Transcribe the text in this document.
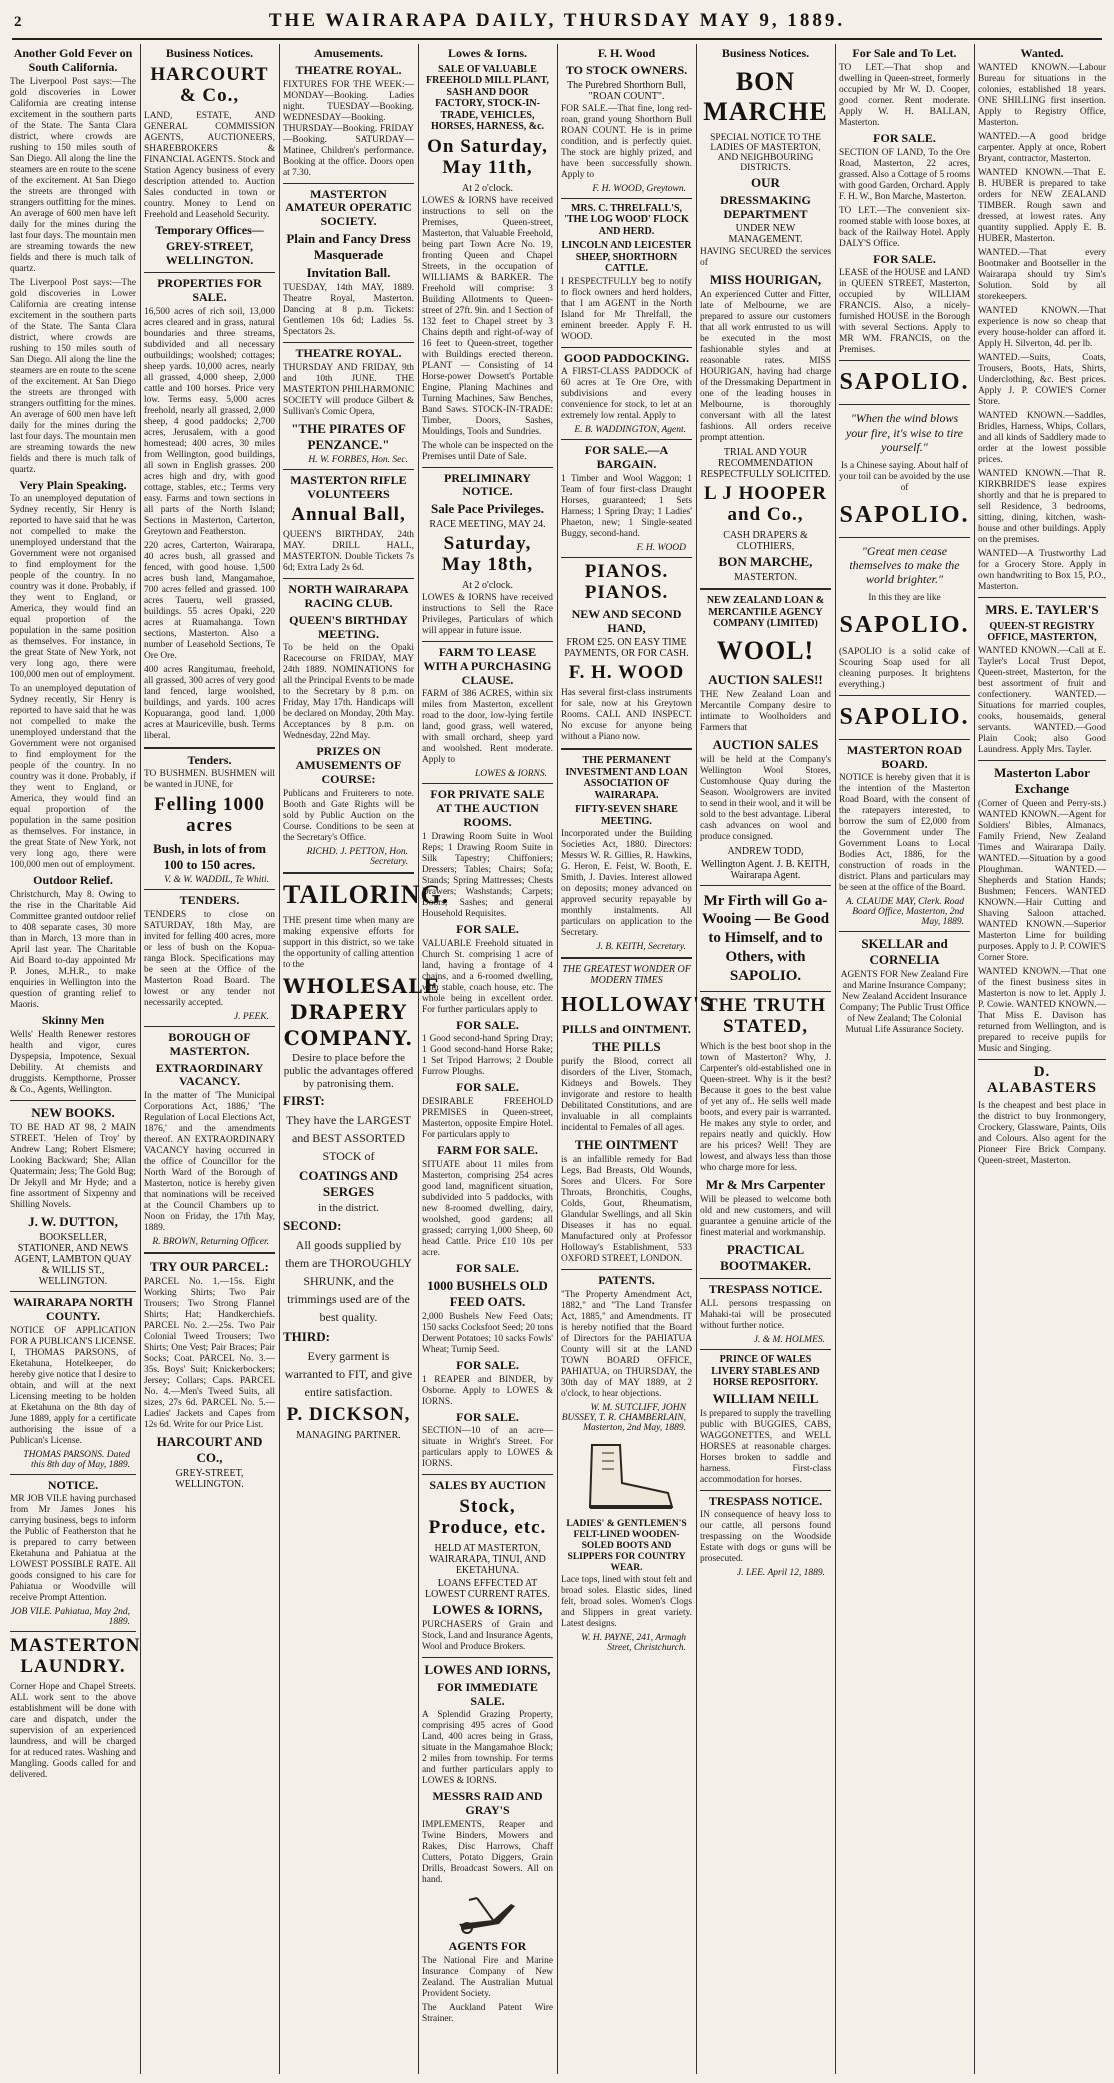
2	THE WAIRARAPA DAILY, THURSDAY MAY 9, 1889.
Another Gold Fever on South California.

The Liverpool Post says:—The gold discoveries in Lower California are creating intense excitement in the southern parts of the State. The Santa Clara district, where crowds are rushing to 150 miles south of San Diego. All along the line the steamers are en route to the scene of the excitement. At San Diego the streets are thronged with strangers outfitting for the mines. An average of 600 men have left daily for the mines during the last four days. The mountain men are streaming towards the new fields and there is much talk of quartz.

The Liverpool Post says:—The gold discoveries in Lower California are creating intense excitement in the southern parts of the State. The Santa Clara district, where crowds are rushing to 150 miles south of San Diego. All along the line the steamers are en route to the scene of the excitement. At San Diego the streets are thronged with strangers outfitting for the mines. An average of 600 men have left daily for the mines during the last four days. The mountain men are streaming towards the new fields and there is much talk of quartz.

Very Plain Speaking.

To an unemployed deputation of Sydney recently, Sir Henry is reported to have said that he was not compelled to make the unemployed understand that the Government were not organised to find employment for the people of the country. In no country was it done. Probably, if they went to England, or America, they would find an equal proportion of the population in the same position as themselves. For instance, in the great State of New York, not very long ago, there were 100,000 men out of employment.

To an unemployed deputation of Sydney recently, Sir Henry is reported to have said that he was not compelled to make the unemployed understand that the Government were not organised to find employment for the people of the country. In no country was it done. Probably, if they went to England, or America, they would find an equal proportion of the population in the same position as themselves. For instance, in the great State of New York, not very long ago, there were 100,000 men out of employment.

Outdoor Relief.

Christchurch, May 8. Owing to the rise in the Charitable Aid Committee granted outdoor relief to 408 separate cases, 30 more than in March, 13 more than in April last year. The Charitable Aid Board to-day appointed Mr P. Jones, M.H.R., to make enquiries in Wellington into the question of granting relief to Maoris.

Skinny Men

Wells' Health Renewer restores health and vigor, cures Dyspepsia, Impotence, Sexual Debility. At chemists and druggists. Kempthorne, Prosser & Co., Agents, Wellington.

NEW BOOKS.

TO BE HAD AT 98, 2 MAIN STREET. 'Helen of Troy' by Andrew Lang; Robert Elsmere; Looking Backward; She; Allan Quatermain; Jess; The Gold Bug; Dr Jekyll and Mr Hyde; and a fine assortment of Sixpenny and Shilling Novels.

J. W. DUTTON,
BOOKSELLER, STATIONER, AND NEWS AGENT, LAMBTON QUAY & WILLIS ST., WELLINGTON.
WAIRARAPA NORTH COUNTY.

NOTICE OF APPLICATION FOR A PUBLICAN'S LICENSE. I, THOMAS PARSONS, of Eketahuna, Hotelkeeper, do hereby give notice that I desire to obtain, and will at the next Licensing meeting to be holden at Eketahuna on the 8th day of June 1889, apply for a certificate authorising the issue of a Publican's License.

THOMAS PARSONS. Dated this 8th day of May, 1889.
NOTICE.

MR JOB VILE having purchased from Mr James Jones his carrying business, begs to inform the Public of Featherston that he is prepared to carry between Eketahuna and Pahiatua at the LOWEST POSSIBLE RATE. All goods consigned to his care for Pahiatua or Woodville will receive Prompt Attention.

JOB VILE. Pahiatua, May 2nd, 1889.
MASTERTON LAUNDRY.

Corner Hope and Chapel Streets. ALL work sent to the above establishment will be done with care and dispatch, under the supervision of an experienced laundress, and will be charged for at reduced rates. Washing and Mangling. Goods called for and delivered.

Business Notices.
HARCOURT & Co.,

LAND, ESTATE, AND GENERAL COMMISSION AGENTS, AUCTIONEERS, SHAREBROKERS & FINANCIAL AGENTS. Stock and Station Agency business of every description attended to. Auction Sales conducted in town or country. Money to Lend on Freehold and Leasehold Security.

Temporary Offices—
GREY-STREET, WELLINGTON.
PROPERTIES FOR SALE.

16,500 acres of rich soil, 13,000 acres cleared and in grass, natural boundaries and three streams, subdivided and all necessary outbuildings; woolshed; cottages; sheep yards. 10,000 acres, nearly all grassed, 4,000 sheep, 2,000 cattle and 100 horses. Price very low. Terms easy. 5,000 acres freehold, nearly all grassed, 2,000 sheep, 4 good paddocks; 2,700 acres, Jerusalem, with a good homestead; 400 acres, 30 miles from Wellington, good buildings, all sown in English grasses. 200 acres high and dry, with good cottage, stables, etc.; Terms very easy. Farms and town sections in all parts of the North Island; Sections in Masterton, Carterton, Greytown and Featherston.

220 acres, Carterton, Wairarapa, 40 acres bush, all grassed and fenced, with good house. 1,500 acres bush land, Mangamahoe, 700 acres felled and grassed. 100 acres Taueru, well grassed, buildings. 55 acres Opaki, 220 acres at Ruamahanga. Town sections, Masterton. Also a number of Leasehold Sections, Te Ore Ore.

400 acres Rangitumau, freehold, all grassed, 300 acres of very good land fenced, large woolshed, buildings, and yards. 100 acres Kopuaranga, good land. 1,000 acres at Mauriceville, bush. Terms liberal.

Tenders.

TO BUSHMEN. BUSHMEN will be wanted in JUNE, for

Felling 1000 acres
Bush, in lots of from 100 to 150 acres.
V. & W. WADDIL, Te Whiti.
TENDERS.

TENDERS to close on SATURDAY, 18th May, are invited for felling 400 acres, more or less of bush on the Kopua-ranga Block. Specifications may be seen at the Office of the Masterton Road Board. The lowest or any tender not necessarily accepted.

J. PEEK.
BOROUGH OF MASTERTON.
EXTRAORDINARY VACANCY.

In the matter of 'The Municipal Corporations Act, 1886,' 'The Regulation of Local Elections Act, 1876,' and the amendments thereof. AN EXTRAORDINARY VACANCY having occurred in the office of Councillor for the North Ward of the Borough of Masterton, notice is hereby given that nominations will be received at the Council Chambers up to Noon on Friday, the 17th May, 1889.

R. BROWN, Returning Officer.
TRY OUR PARCEL:

PARCEL No. 1.—15s. Eight Working Shirts; Two Pair Trousers; Two Strong Flannel Shirts; Hat; Handkerchiefs. PARCEL No. 2.—25s. Two Pair Colonial Tweed Trousers; Two Shirts; One Vest; Pair Braces; Pair Socks; Coat. PARCEL No. 3.—35s. Boys' Suit; Knickerbockers; Jersey; Collars; Caps. PARCEL No. 4.—Men's Tweed Suits, all sizes, 27s 6d. PARCEL No. 5.—Ladies' Jackets and Capes from 12s 6d. Write for our Price List.

HARCOURT AND CO.,
GREY-STREET, WELLINGTON.
Amusements.
THEATRE ROYAL.

FIXTURES FOR THE WEEK:— MONDAY—Booking. Ladies night. TUESDAY—Booking. WEDNESDAY—Booking. THURSDAY—Booking. FRIDAY—Booking. SATURDAY—Matinee, Children's performance. Booking at the office. Doors open at 7.30.

MASTERTON AMATEUR OPERATIC SOCIETY.
Plain and Fancy Dress Masquerade
Invitation Ball.

TUESDAY, 14th MAY, 1889. Theatre Royal, Masterton. Dancing at 8 p.m. Tickets: Gentlemen 10s 6d; Ladies 5s. Spectators 2s.

THEATRE ROYAL.

THURSDAY AND FRIDAY, 9th and 10th JUNE. THE MASTERTON PHILHARMONIC SOCIETY will produce Gilbert & Sullivan's Comic Opera,

"THE PIRATES OF PENZANCE."
H. W. FORBES, Hon. Sec.
MASTERTON RIFLE VOLUNTEERS
Annual Ball,

QUEEN'S BIRTHDAY, 24th MAY. DRILL HALL, MASTERTON. Double Tickets 7s 6d; Extra Lady 2s 6d.

NORTH WAIRARAPA RACING CLUB.
QUEEN'S BIRTHDAY MEETING.

To be held on the Opaki Racecourse on FRIDAY, MAY 24th 1889. NOMINATIONS for all the Principal Events to be made to the Secretary by 8 p.m. on Friday, May 17th. Handicaps will be declared on Monday, 20th May. Acceptances by 8 p.m. on Wednesday, 22nd May.

PRIZES ON AMUSEMENTS OF COURSE:

Publicans and Fruiterers to note. Booth and Gate Rights will be sold by Public Auction on the Course. Conditions to be seen at the Secretary's Office.

RICHD. J. PETTON, Hon. Secretary.
TAILORING.

THE present time when many are making expensive efforts for support in this district, so we take the opportunity of calling attention to the

WHOLESALE
DRAPERY
COMPANY.

Desire to place before the public the advantages offered by patronising them.

FIRST:

They have the LARGEST and BEST ASSORTED STOCK of

COATINGS AND SERGES

in the district.

SECOND:

All goods supplied by them are THOROUGHLY SHRUNK, and the trimmings used are of the best quality.

THIRD:

Every garment is warranted to FIT, and give entire satisfaction.

P. DICKSON,
MANAGING PARTNER.
Lowes & Iorns.
SALE OF VALUABLE FREEHOLD MILL PLANT, SASH AND DOOR FACTORY, STOCK-IN-TRADE, VEHICLES, HORSES, HARNESS, &c.
On Saturday, May 11th,
At 2 o'clock.

LOWES & IORNS have received instructions to sell on the Premises, Queen-street, Masterton, that Valuable Freehold, being part Town Acre No. 19, fronting Queen and Chapel Streets, in the occupation of WILLIAMS & BARKER. The Freehold will comprise: 3 Building Allotments to Queen-street of 27ft. 9in. and 1 Section of 132 feet to Chapel street by 3 Chains depth and right-of-way of 16 feet to Queen-street, together with Buildings erected thereon. PLANT — Consisting of 14 Horse-power Dowsett's Portable Engine, Planing Machines and Turning Machines, Saw Benches, Band Saws. STOCK-IN-TRADE: Timber, Doors, Sashes, Mouldings, Tools and Sundries.

The whole can be inspected on the Premises until Date of Sale.

PRELIMINARY NOTICE.
Sale Pace Privileges.
RACE MEETING, MAY 24.
Saturday, May 18th,
At 2 o'clock.

LOWES & IORNS have received instructions to Sell the Race Privileges, Particulars of which will appear in future issue.

FARM TO LEASE WITH A PURCHASING CLAUSE.

FARM of 386 ACRES, within six miles from Masterton, excellent road to the door, low-lying fertile land, good grass, well watered, with small orchard, sheep yard and woolshed. Rent moderate. Apply to

LOWES & IORNS.
FOR PRIVATE SALE AT THE AUCTION ROOMS.

1 Drawing Room Suite in Wool Reps; 1 Drawing Room Suite in Silk Tapestry; Chiffoniers; Dressers; Tables; Chairs; Sofa; Stands; Spring Mattresses; Chests Drawers; Washstands; Carpets; Doors; Sashes; and general Household Requisites.

FOR SALE.

VALUABLE Freehold situated in Church St. comprising 1 acre of land, having a frontage of 4 chains, and a 6-roomed dwelling, with stable, coach house, etc. The whole being in excellent order. For further particulars apply to

FOR SALE.

1 Good second-hand Spring Dray; 1 Good second-hand Horse Rake; 1 Set Tripod Harrows; 2 Double Furrow Ploughs.

FOR SALE.

DESIRABLE FREEHOLD PREMISES in Queen-street, Masterton, opposite Empire Hotel. For particulars apply to

FARM FOR SALE.

SITUATE about 11 miles from Masterton, comprising 254 acres good land, magnificent situation, subdivided into 5 paddocks, with new 8-roomed dwelling, dairy, woolshed, good gardens; all grassed; carrying 1,000 Sheep, 60 head Cattle. Price £10 10s per acre.

FOR SALE.
1000 BUSHELS OLD FEED OATS.

2,000 Bushels New Feed Oats; 150 sacks Cocksfoot Seed; 20 tons Derwent Potatoes; 10 sacks Fowls' Wheat; Turnip Seed.

FOR SALE.

1 REAPER and BINDER, by Osborne. Apply to LOWES & IORNS.

FOR SALE.

SECTION—10 of an acre—situate in Wright's Street. For particulars apply to LOWES & IORNS.

SALES BY AUCTION
Stock, Produce, etc.
HELD AT MASTERTON, WAIRARAPA, TINUI, AND EKETAHUNA.
LOANS EFFECTED AT LOWEST CURRENT RATES.
LOWES & IORNS,

PURCHASERS of Grain and Stock, Land and Insurance Agents, Wool and Produce Brokers.

LOWES AND IORNS,
FOR IMMEDIATE SALE.

A Splendid Grazing Property, comprising 495 acres of Good Land, 400 acres being in Grass, situate in the Mangamahoe Block; 2 miles from township. For terms and further particulars apply to LOWES & IORNS.

MESSRS RAID AND GRAY'S

IMPLEMENTS, Reaper and Twine Binders, Mowers and Rakes, Disc Harrows, Chaff Cutters, Potato Diggers, Grain Drills, Broadcast Sowers. All on hand.

AGENTS FOR

The National Fire and Marine Insurance Company of New Zealand. The Australian Mutual Provident Society.

The Auckland Patent Wire Strainer.

F. H. Wood
TO STOCK OWNERS.
The Purebred Shorthorn Bull, "ROAN COUNT".

FOR SALE.—That fine, long red-roan, grand young Shorthorn Bull ROAN COUNT. He is in prime condition, and is perfectly quiet. The stock are highly prized, and have been successfully shown. Apply to

F. H. WOOD, Greytown.
MRS. C. THRELFALL'S, 'THE LOG WOOD' FLOCK AND HERD.
LINCOLN AND LEICESTER SHEEP, SHORTHORN CATTLE.

I RESPECTFULLY beg to notify to flock owners and herd holders, that I am AGENT in the North Island for Mr Threlfall, the eminent breeder. Apply F. H. WOOD.

GOOD PADDOCKING.

A FIRST-CLASS PADDOCK of 60 acres at Te Ore Ore, with subdivisions and every convenience for stock, to let at an extremely low rental. Apply to

E. B. WADDINGTON, Agent.
FOR SALE.—A BARGAIN.

1 Timber and Wool Waggon; 1 Team of four first-class Draught Horses, guaranteed; 1 Sets Harness; 1 Spring Dray; 1 Ladies' Phaeton, new; 1 Single-seated Buggy, second-hand.

F. H. WOOD
PIANOS. PIANOS.
NEW AND SECOND HAND,
FROM £25. ON EASY TIME PAYMENTS, OR FOR CASH.
F. H. WOOD

Has several first-class instruments for sale, now at his Greytown Rooms. CALL AND INSPECT. No excuse for anyone being without a Piano now.

THE PERMANENT INVESTMENT AND LOAN ASSOCIATION OF WAIRARAPA.
FIFTY-SEVEN SHARE MEETING.

Incorporated under the Building Societies Act, 1880. Directors: Messrs W. R. Gillies, R. Hawkins, G. Heron, E. Feist, W. Booth, E. Smith, J. Davies. Interest allowed on deposits; money advanced on approved security repayable by monthly instalments. All particulars on application to the Secretary.

J. B. KEITH, Secretary.
THE GREATEST WONDER OF MODERN TIMES
HOLLOWAY'S
PILLS and OINTMENT.
THE PILLS

purify the Blood, correct all disorders of the Liver, Stomach, Kidneys and Bowels. They invigorate and restore to health Debilitated Constitutions, and are invaluable in all complaints incidental to Females of all ages.

THE OINTMENT

is an infallible remedy for Bad Legs, Bad Breasts, Old Wounds, Sores and Ulcers. For Sore Throats, Bronchitis, Coughs, Colds, Gout, Rheumatism, Glandular Swellings, and all Skin Diseases it has no equal. Manufactured only at Professor Holloway's Establishment, 533 OXFORD STREET, LONDON.

PATENTS.

"The Property Amendment Act, 1882," and "The Land Transfer Act, 1885," and Amendments. IT is hereby notified that the Board of Directors for the PAHIATUA County will sit at the LAND TOWN BOARD OFFICE, PAHIATUA, on THURSDAY, the 30th day of MAY 1889, at 2 o'clock, to hear objections.

W. M. SUTCLIFF, JOHN BUSSEY, T. R. CHAMBERLAIN, Masterton, 2nd May, 1889.
LADIES' & GENTLEMEN'S FELT-LINED WOODEN-SOLED BOOTS AND SLIPPERS FOR COUNTRY WEAR.

Lace tops, lined with stout felt and broad soles. Elastic sides, lined felt, broad soles. Women's Clogs and Slippers in great variety. Latest designs.

W. H. PAYNE, 241, Armagh Street, Christchurch.
Business Notices.
BON MARCHE
SPECIAL NOTICE TO THE LADIES OF MASTERTON, AND NEIGHBOURING DISTRICTS.
OUR
DRESSMAKING DEPARTMENT
UNDER NEW MANAGEMENT.

HAVING SECURED the services of

MISS HOURIGAN,

An experienced Cutter and Fitter, late of Melbourne, we are prepared to assure our customers that all work entrusted to us will be executed in the most fashionable styles and at reasonable rates. MISS HOURIGAN, having had charge of the Dressmaking Department in one of the leading houses in Melbourne, is thoroughly conversant with all the latest fashions. All orders receive prompt attention.

TRIAL AND YOUR RECOMMENDATION RESPECTFULLY SOLICITED.
L J HOOPER and Co.,
CASH DRAPERS & CLOTHIERS,
BON MARCHE,
MASTERTON.
NEW ZEALAND LOAN & MERCANTILE AGENCY COMPANY (LIMITED)
WOOL!
AUCTION SALES!!

THE New Zealand Loan and Mercantile Company desire to intimate to Woolholders and Farmers that

AUCTION SALES

will be held at the Company's Wellington Wool Stores, Customhouse Quay during the Season. Woolgrowers are invited to send in their wool, and it will be sold to the best advantage. Liberal cash advances on wool and produce consigned.

ANDREW TODD,
Wellington Agent. J. B. KEITH, Wairarapa Agent.
Mr Firth will Go a-Wooing — Be Good to Himself, and to Others, with SAPOLIO.
THE TRUTH STATED,

Which is the best boot shop in the town of Masterton? Why, J. Carpenter's old-established one in Queen-street. Why is it the best? Because it goes to the best value of yet any of.. He sells well made boots, and every pair is warranted. He makes any style to order, and repairs neatly and quickly. How are his prices? Well! They are lowest, and always less than those who charge more for less.

Mr & Mrs Carpenter

Will be pleased to welcome both old and new customers, and will guarantee a genuine article of the finest material and workmanship.

PRACTICAL BOOTMAKER.
TRESPASS NOTICE.

ALL persons trespassing on Mahaki-tai will be prosecuted without further notice.

J. & M. HOLMES.
PRINCE OF WALES LIVERY STABLES AND HORSE REPOSITORY.
WILLIAM NEILL

Is prepared to supply the travelling public with BUGGIES, CABS, WAGGONETTES, and WELL HORSES at reasonable charges. Horses broken to saddle and harness. First-class accommodation for horses.

TRESPASS NOTICE.

IN consequence of heavy loss to our cattle, all persons found trespassing on the Woodside Estate with dogs or guns will be prosecuted.

J. LEE. April 12, 1889.
For Sale and To Let.

TO LET.—That shop and dwelling in Queen-street, formerly occupied by Mr W. D. Cooper, good corner. Rent moderate. Apply W. H. BALLAN, Masterton.

FOR SALE.

SECTION OF LAND, To the Ore Road, Masterton, 22 acres, grassed. Also a Cottage of 5 rooms with good Garden, Orchard. Apply F. H. W., Bon Marche, Masterton.

TO LET.—The convenient six-roomed stable with loose boxes, at back of the Railway Hotel. Apply DALY'S Office.

FOR SALE.

LEASE of the HOUSE and LAND in QUEEN STREET, Masterton, occupied by WILLIAM FRANCIS. Also, a nicely-furnished HOUSE in the Borough with several Sections. Apply to MR WM. FRANCIS, on the Premises.

SAPOLIO.
"When the wind blows your fire, it's wise to tire yourself."

Is a Chinese saying. About half of your toil can be avoided by the use of

SAPOLIO.
"Great men cease themselves to make the world brighter."

In this they are like

SAPOLIO.

(SAPOLIO is a solid cake of Scouring Soap used for all cleaning purposes. It brightens everything.)

SAPOLIO.
MASTERTON ROAD BOARD.

NOTICE is hereby given that it is the intention of the Masterton Road Board, with the consent of the ratepayers interested, to borrow the sum of £2,000 from the Government under The Government Loans to Local Bodies Act, 1886, for the construction of roads in the district. Plans and particulars may be seen at the office of the Board.

A. CLAUDE MAY, Clerk. Road Board Office, Masterton, 2nd May, 1889.
SKELLAR and CORNELIA

AGENTS FOR New Zealand Fire and Marine Insurance Company; New Zealand Accident Insurance Company; The Public Trust Office of New Zealand; The Colonial Mutual Life Assurance Society.

Wanted.

WANTED KNOWN.—Labour Bureau for situations in the colonies, established 18 years. ONE SHILLING first insertion. Apply to Registry Office, Masterton.

WANTED.—A good bridge carpenter. Apply at once, Robert Bryant, contractor, Masterton.

WANTED KNOWN.—That E. B. HUBER is prepared to take orders for NEW ZEALAND TIMBER. Rough sawn and dressed, at lowest rates. Any quantity supplied. Apply E. B. HUBER, Masterton.

WANTED.—That every Bootmaker and Bootseller in the Wairarapa should try Sim's Solution. Sold by all storekeepers.

WANTED KNOWN.—That experience is now so cheap that every house-holder can afford it. Apply H. Silverton, 4d. per lb.

WANTED.—Suits, Coats, Trousers, Boots, Hats, Shirts, Underclothing, &c. Best prices. Apply J. P. COWIE'S Corner Store.

WANTED KNOWN.—Saddles, Bridles, Harness, Whips, Collars, and all kinds of Saddlery made to order at the lowest possible prices.

WANTED KNOWN.—That R. KIRKBRIDE'S lease expires shortly and that he is prepared to sell Residence, 3 bedrooms, sitting, dining, kitchen, wash-house and other buildings. Apply on the premises.

WANTED—A Trustworthy Lad for a Grocery Store. Apply in own handwriting to Box 15, P.O., Masterton.

MRS. E. TAYLER'S
QUEEN-ST REGISTRY OFFICE, MASTERTON,

WANTED KNOWN.—Call at E. Tayler's Local Trust Depot, Queen-street, Masterton, for the best assortment of fruit and confectionery. WANTED.—Situations for married couples, cooks, housemaids, general servants. WANTED.—Good Plain Cook; also Good Laundress. Apply Mrs. Tayler.

Masterton Labor Exchange

(Corner of Queen and Perry-sts.) WANTED KNOWN.—Agent for Soldiers' Bibles, Almanacs, Family Friend, New Zealand Times and Wairarapa Daily. WANTED.—Situation by a good Ploughman. WANTED.—Shepherds and Station Hands; Bushmen; Fencers. WANTED KNOWN.—Hair Cutting and Shaving Saloon attached. WANTED KNOWN.—Superior Masterton Lime for building purposes. Apply to J. P. COWIE'S Corner Store.

WANTED KNOWN.—That one of the finest business sites in Masterton is now to let. Apply J. P. Cowie. WANTED KNOWN.—That Miss E. Davison has returned from Wellington, and is prepared to receive pupils for Music and Singing.

D. ALABASTERS

Is the cheapest and best place in the district to buy Ironmongery, Crockery, Glassware, Paints, Oils and Colours. Also agent for the Pioneer Fire Brick Company. Queen-street, Masterton.
